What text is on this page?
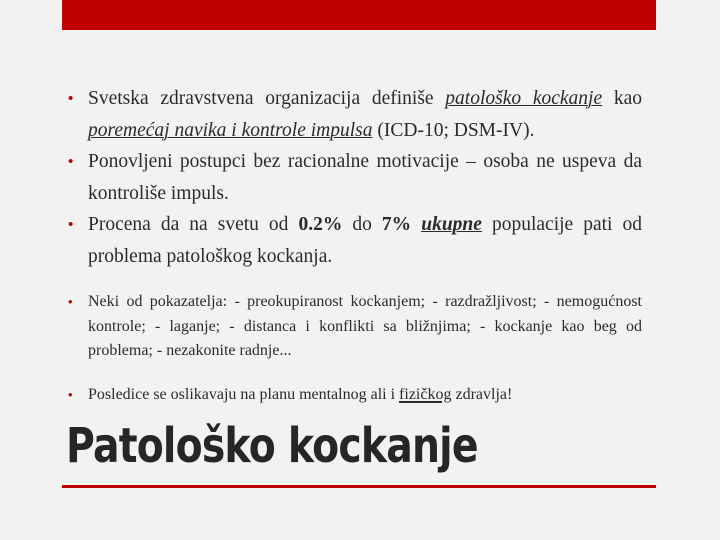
• Svetska zdravstvena organizacija definiše patološko kockanje kao poremećaj navika i kontrole impulsa (ICD-10; DSM-IV).
• Ponovljeni postupci bez racionalne motivacije – osoba ne uspeva da kontroliše impuls.
• Procena da na svetu od 0.2% do 7% ukupne populacije pati od problema patološkog kockanja.
• Neki od pokazatelja: - preokupiranost kockanjem; - razdražljivost; - nemogućnost kontrole; - laganje; - distanca i konflikti sa bližnjima; - kockanje kao beg od problema; - nezakonite radnje...
• Posledice se oslikavaju na planu mentalnog ali i fizičkog zdravlja!
Patološko kockanje
